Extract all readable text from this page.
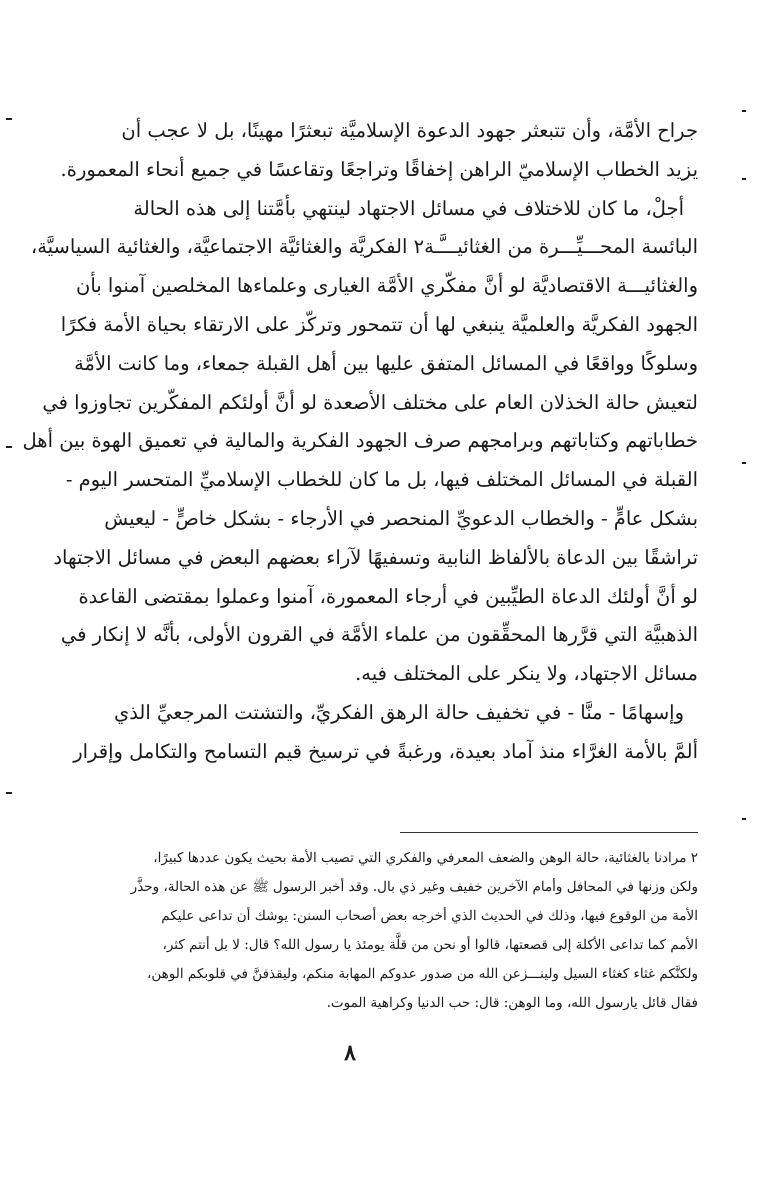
جراح الأمَّة، وأن تتبعثر جهود الدعوة الإسلاميَّة تبعثرًا مهينًا، بل لا عجب أن
يزيد الخطاب الإسلاميّ الراهن إخفاقًا وتراجعًا وتقاعسًا في جميع أنحاء المعمورة.
أجلْ، ما كان للاختلاف في مسائل الاجتهاد لينتهي بأمَّتنا إلى هذه الحالة
البائسة المحـــيِّـــرة من الغثائيـــَّـة٢ الفكريَّة والغثائيَّة الاجتماعيَّة، والغثائية السياسيَّة،
والغثائيـــة الاقتصاديَّة لو أنَّ مفكّري الأمَّة الغيارى وعلماءها المخلصين آمنوا بأن
الجهود الفكريَّة والعلميَّة ينبغي لها أن تتمحور وتركّز على الارتقاء بحياة الأمة فكرًا
وسلوكًا وواقعًا في المسائل المتفق عليها بين أهل القبلة جمعاء، وما كانت الأمَّة
لتعيش حالة الخذلان العام على مختلف الأصعدة لو أنَّ أولئكم المفكّرين تجاوزوا في
خطاباتهم وكتاباتهم وبرامجهم صرف الجهود الفكرية والمالية في تعميق الهوة بين أهل
القبلة في المسائل المختلف فيها، بل ما كان للخطاب الإسلاميِّ المتحسر اليوم -
بشكل عامٍّ - والخطاب الدعويِّ المنحصر في الأرجاء - بشكل خاصٍّ - ليعيش
تراشقًا بين الدعاة بالألفاظ النابية وتسفيهًا لآراء بعضهم البعض في مسائل الاجتهاد
لو أنَّ أولئك الدعاة الطيِّبين في أرجاء المعمورة، آمنوا وعملوا بمقتضى القاعدة
الذهبيَّة التي قرَّرها المحقِّقون من علماء الأمَّة في القرون الأولى، بأنَّه لا إنكار في
مسائل الاجتهاد، ولا ينكر على المختلف فيه.
وإسهامًا - منَّا - في تخفيف حالة الرهق الفكريِّ، والتشتت المرجعيِّ الذي
ألمَّ بالأمة الغرَّاء منذ آماد بعيدة، ورغبةً في ترسيخ قيم التسامح والتكامل وإقرار
٢ مرادنا بالغثائية، حالة الوهن والضعف المعرفي والفكري التي تصيب الأمة بحيث يكون عددها كبيرًا،
ولكن وزنها في المحافل وأمام الآخرين خفيف وغير ذي بال. وقد أخبر الرسول ﷺ عن هذه الحالة، وحذَّر
الأمة من الوقوع فيها، وذلك في الحديث الذي أخرجه بعض أصحاب السنن: يوشك أن تداعى عليكم
الأمم كما تداعى الأكلة إلى قصعتها، قالوا أو نحن من قلَّة يومئذ يا رسول الله؟ قال: لا بل أنتم كثر،
ولكنَّكم غثاء كغثاء السيل ولينـــزعن الله من صدور عدوكم المهابة منكم، وليقذفنَّ في قلوبكم الوهن،
فقال قائل يارسول الله، وما الوهن: قال: حب الدنيا وكراهية الموت.
٨
